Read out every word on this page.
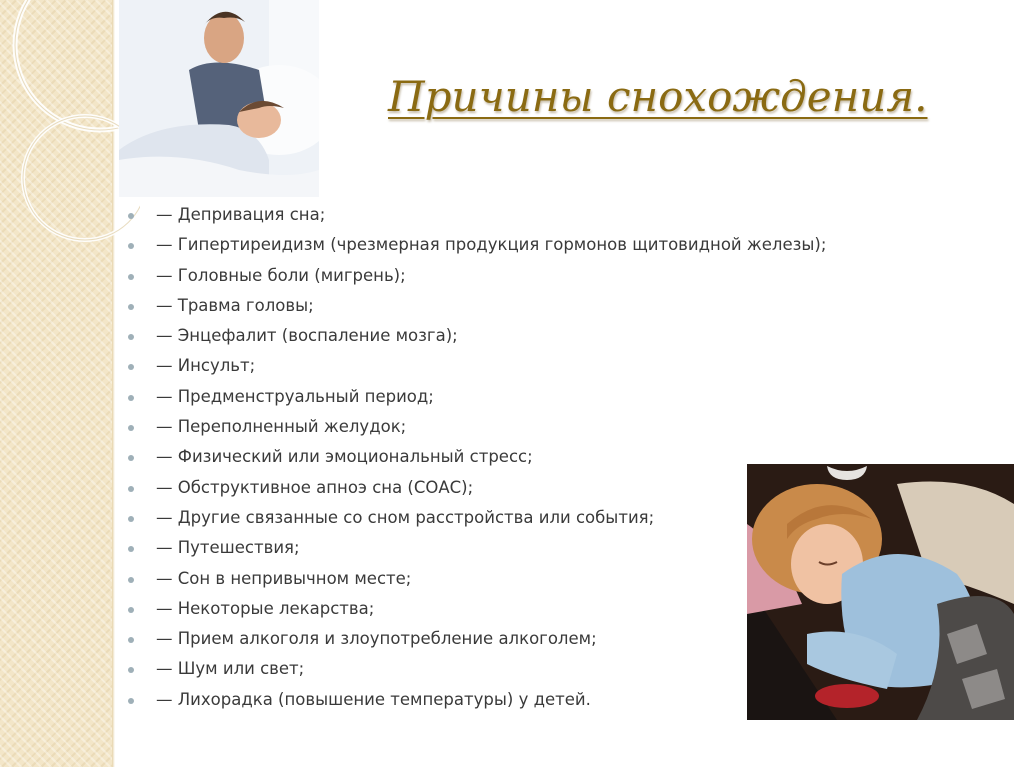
Причины снохождения.
— Депривация сна;
— Гипертиреидизм (чрезмерная продукция гормонов щитовидной железы);
— Головные боли (мигрень);
— Травма головы;
— Энцефалит (воспаление мозга);
— Инсульт;
— Предменструальный период;
— Переполненный желудок;
— Физический или эмоциональный стресс;
— Обструктивное апноэ сна (СОАС);
— Другие связанные со сном расстройства или события;
— Путешествия;
— Сон в непривычном месте;
— Некоторые лекарства;
— Прием алкоголя и злоупотребление алкоголем;
— Шум или свет;
— Лихорадка (повышение температуры) у детей.
